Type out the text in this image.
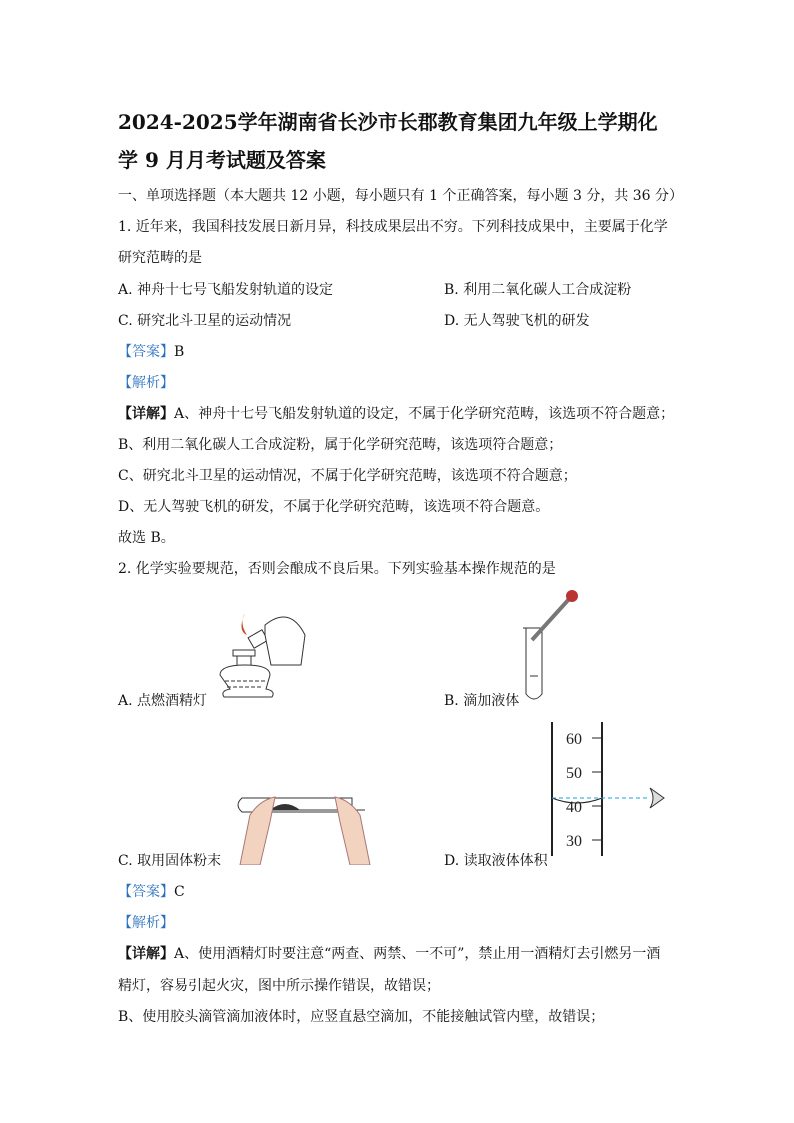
2024-2025学年湖南省长沙市长郡教育集团九年级上学期化
学 9 月月考试题及答案
一、单项选择题（本大题共 12 小题，每小题只有 1 个正确答案，每小题 3 分，共 36 分）
1. 近年来，我国科技发展日新月异，科技成果层出不穷。下列科技成果中，主要属于化学
研究范畴的是
A. 神舟十七号飞船发射轨道的设定	B. 利用二氧化碳人工合成淀粉
C. 研究北斗卫星的运动情况	D. 无人驾驶飞机的研发
【答案】B
【解析】
【详解】A、神舟十七号飞船发射轨道的设定，不属于化学研究范畴，该选项不符合题意；
B、利用二氧化碳人工合成淀粉，属于化学研究范畴，该选项符合题意；
C、研究北斗卫星的运动情况，不属于化学研究范畴，该选项不符合题意；
D、无人驾驶飞机的研发，不属于化学研究范畴，该选项不符合题意。
故选 B。
2. 化学实验要规范，否则会酿成不良后果。下列实验基本操作规范的是
A. 点燃酒精灯	B. 滴加液体
C. 取用固体粉末
60
50
40
30
D. 读取液体体积
【答案】C
【解析】
【详解】A、使用酒精灯时要注意“两查、两禁、一不可”，禁止用一酒精灯去引燃另一酒
精灯，容易引起火灾，图中所示操作错误，故错误；
B、使用胶头滴管滴加液体时，应竖直悬空滴加，不能接触试管内壁，故错误；
